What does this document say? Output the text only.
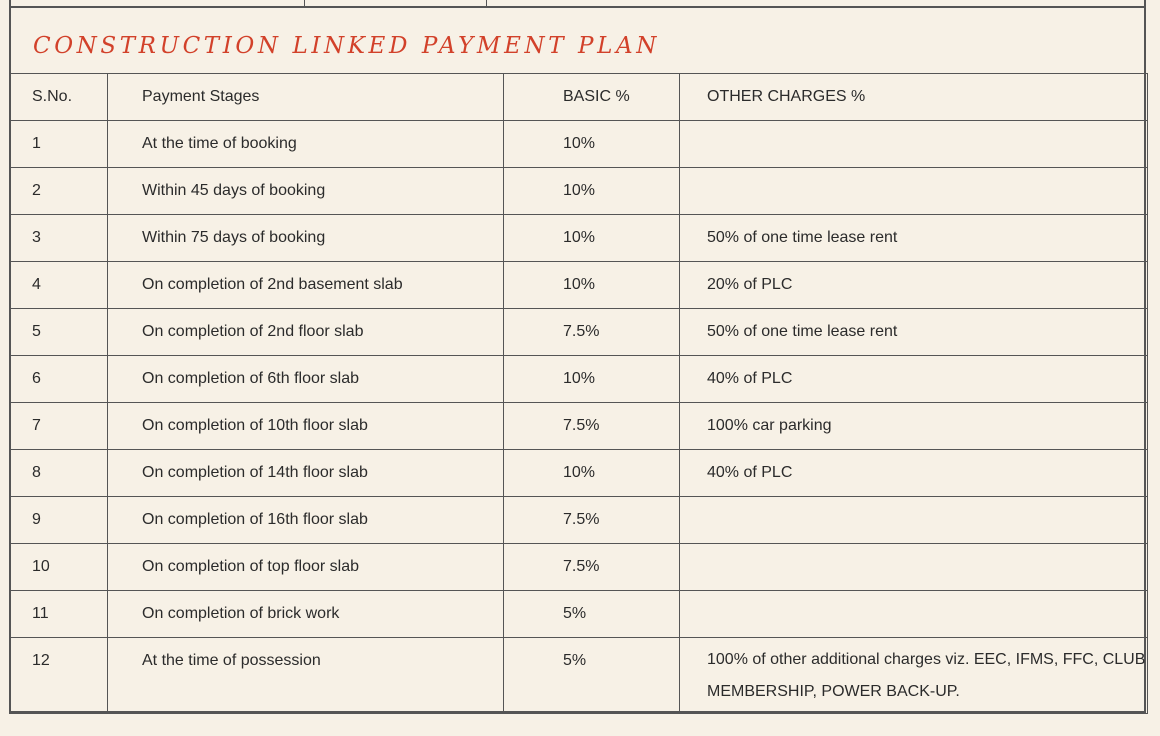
CONSTRUCTION LINKED PAYMENT PLAN
S.No.	Payment Stages	BASIC %	OTHER CHARGES %
1	At the time of booking	10%	
2	Within 45 days of booking	10%	
3	Within 75 days of booking	10%	50% of one time lease rent
4	On completion of 2nd basement slab	10%	20% of PLC
5	On completion of 2nd floor slab	7.5%	50% of one time lease rent
6	On completion of 6th floor slab	10%	40% of PLC
7	On completion of 10th floor slab	7.5%	100% car parking
8	On completion of 14th floor slab	10%	40% of PLC
9	On completion of 16th floor slab	7.5%	
10	On completion of top floor slab	7.5%	
11	On completion of brick work	5%	
12	At the time of possession	5%	100% of other additional charges viz. EEC, IFMS, FFC, CLUB MEMBERSHIP, POWER BACK-UP.
